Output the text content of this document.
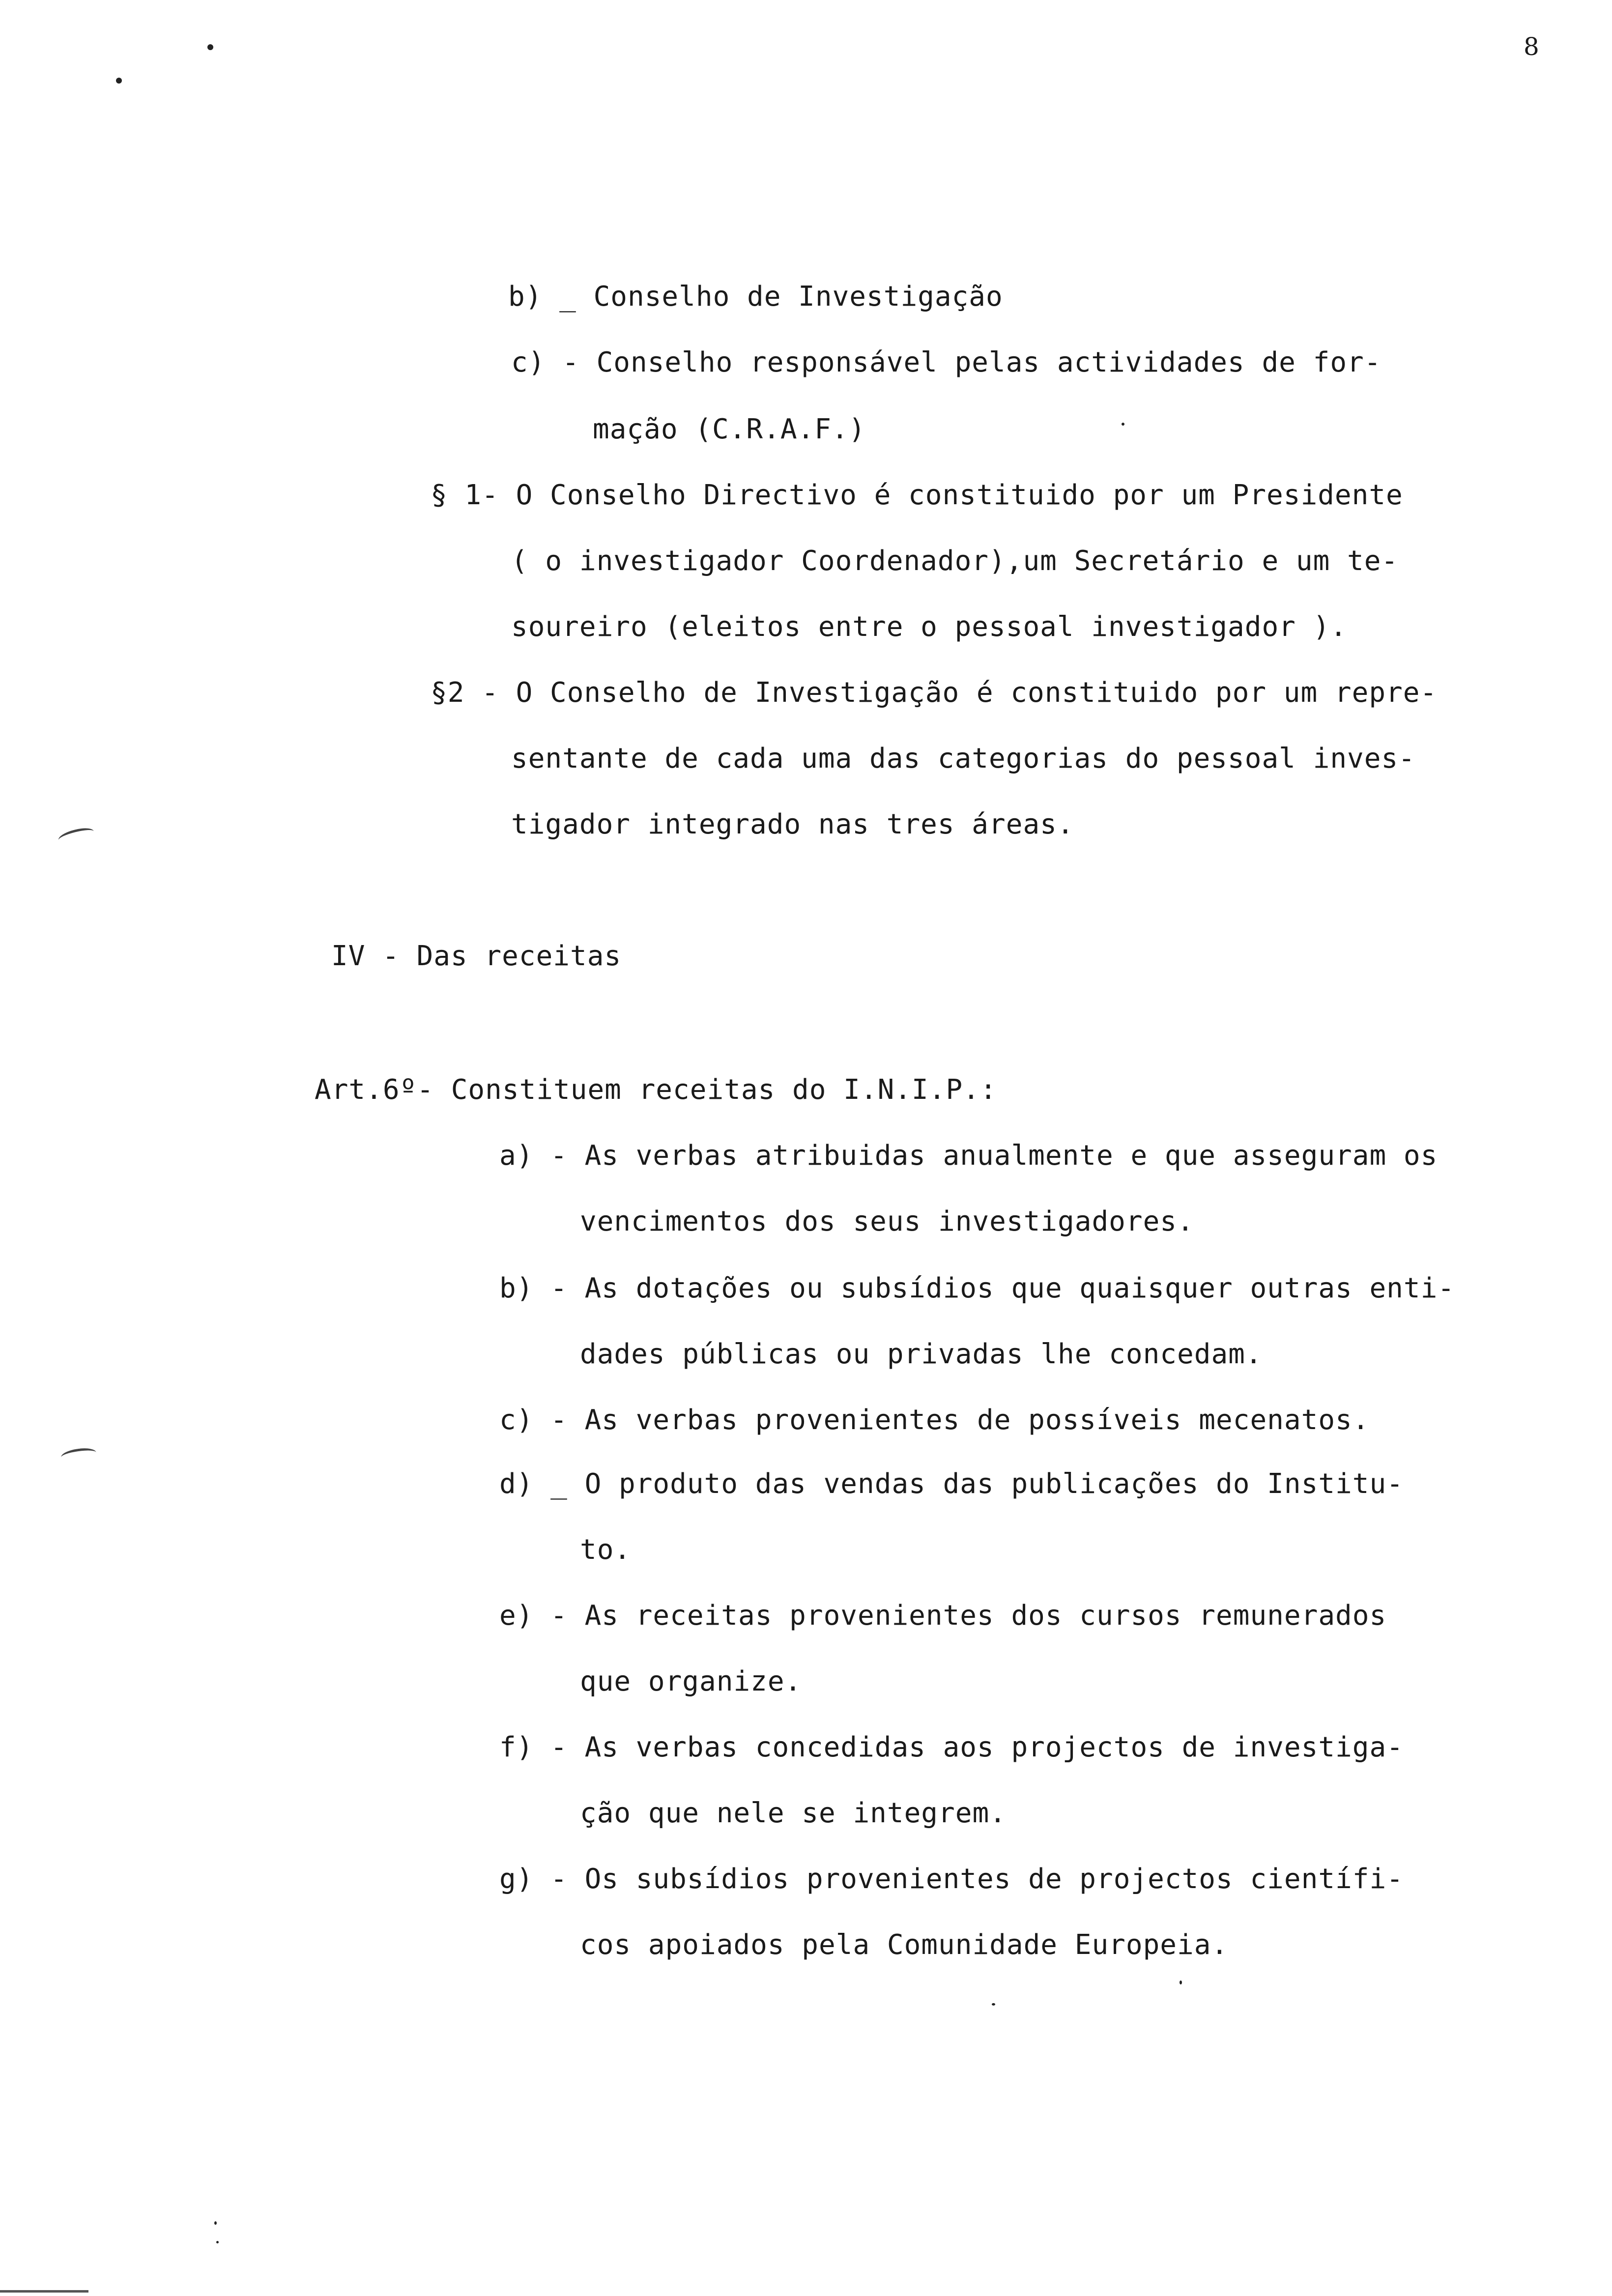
8
b) _ Conselho de Investigação
c) - Conselho responsável pelas actividades de for-
mação (C.R.A.F.)
§ 1- O Conselho Directivo é constituido por um Presidente
( o investigador Coordenador),um Secretário e um te-
soureiro (eleitos entre o pessoal investigador ).
§2 - O Conselho de Investigação é constituido por um repre-
sentante de cada uma das categorias do pessoal inves-
tigador integrado nas tres áreas.
IV - Das receitas
Art.6º- Constituem receitas do I.N.I.P.:
a) - As verbas atribuidas anualmente e que asseguram os
vencimentos dos seus investigadores.
b) - As dotações ou subsídios que quaisquer outras enti-
dades públicas ou privadas lhe concedam.
c) - As verbas provenientes de possíveis mecenatos.
d) _ O produto das vendas das publicações do Institu-
to.
e) - As receitas provenientes dos cursos remunerados
que organize.
f) - As verbas concedidas aos projectos de investiga-
ção que nele se integrem.
g) - Os subsídios provenientes de projectos científi-
cos apoiados pela Comunidade Europeia.
